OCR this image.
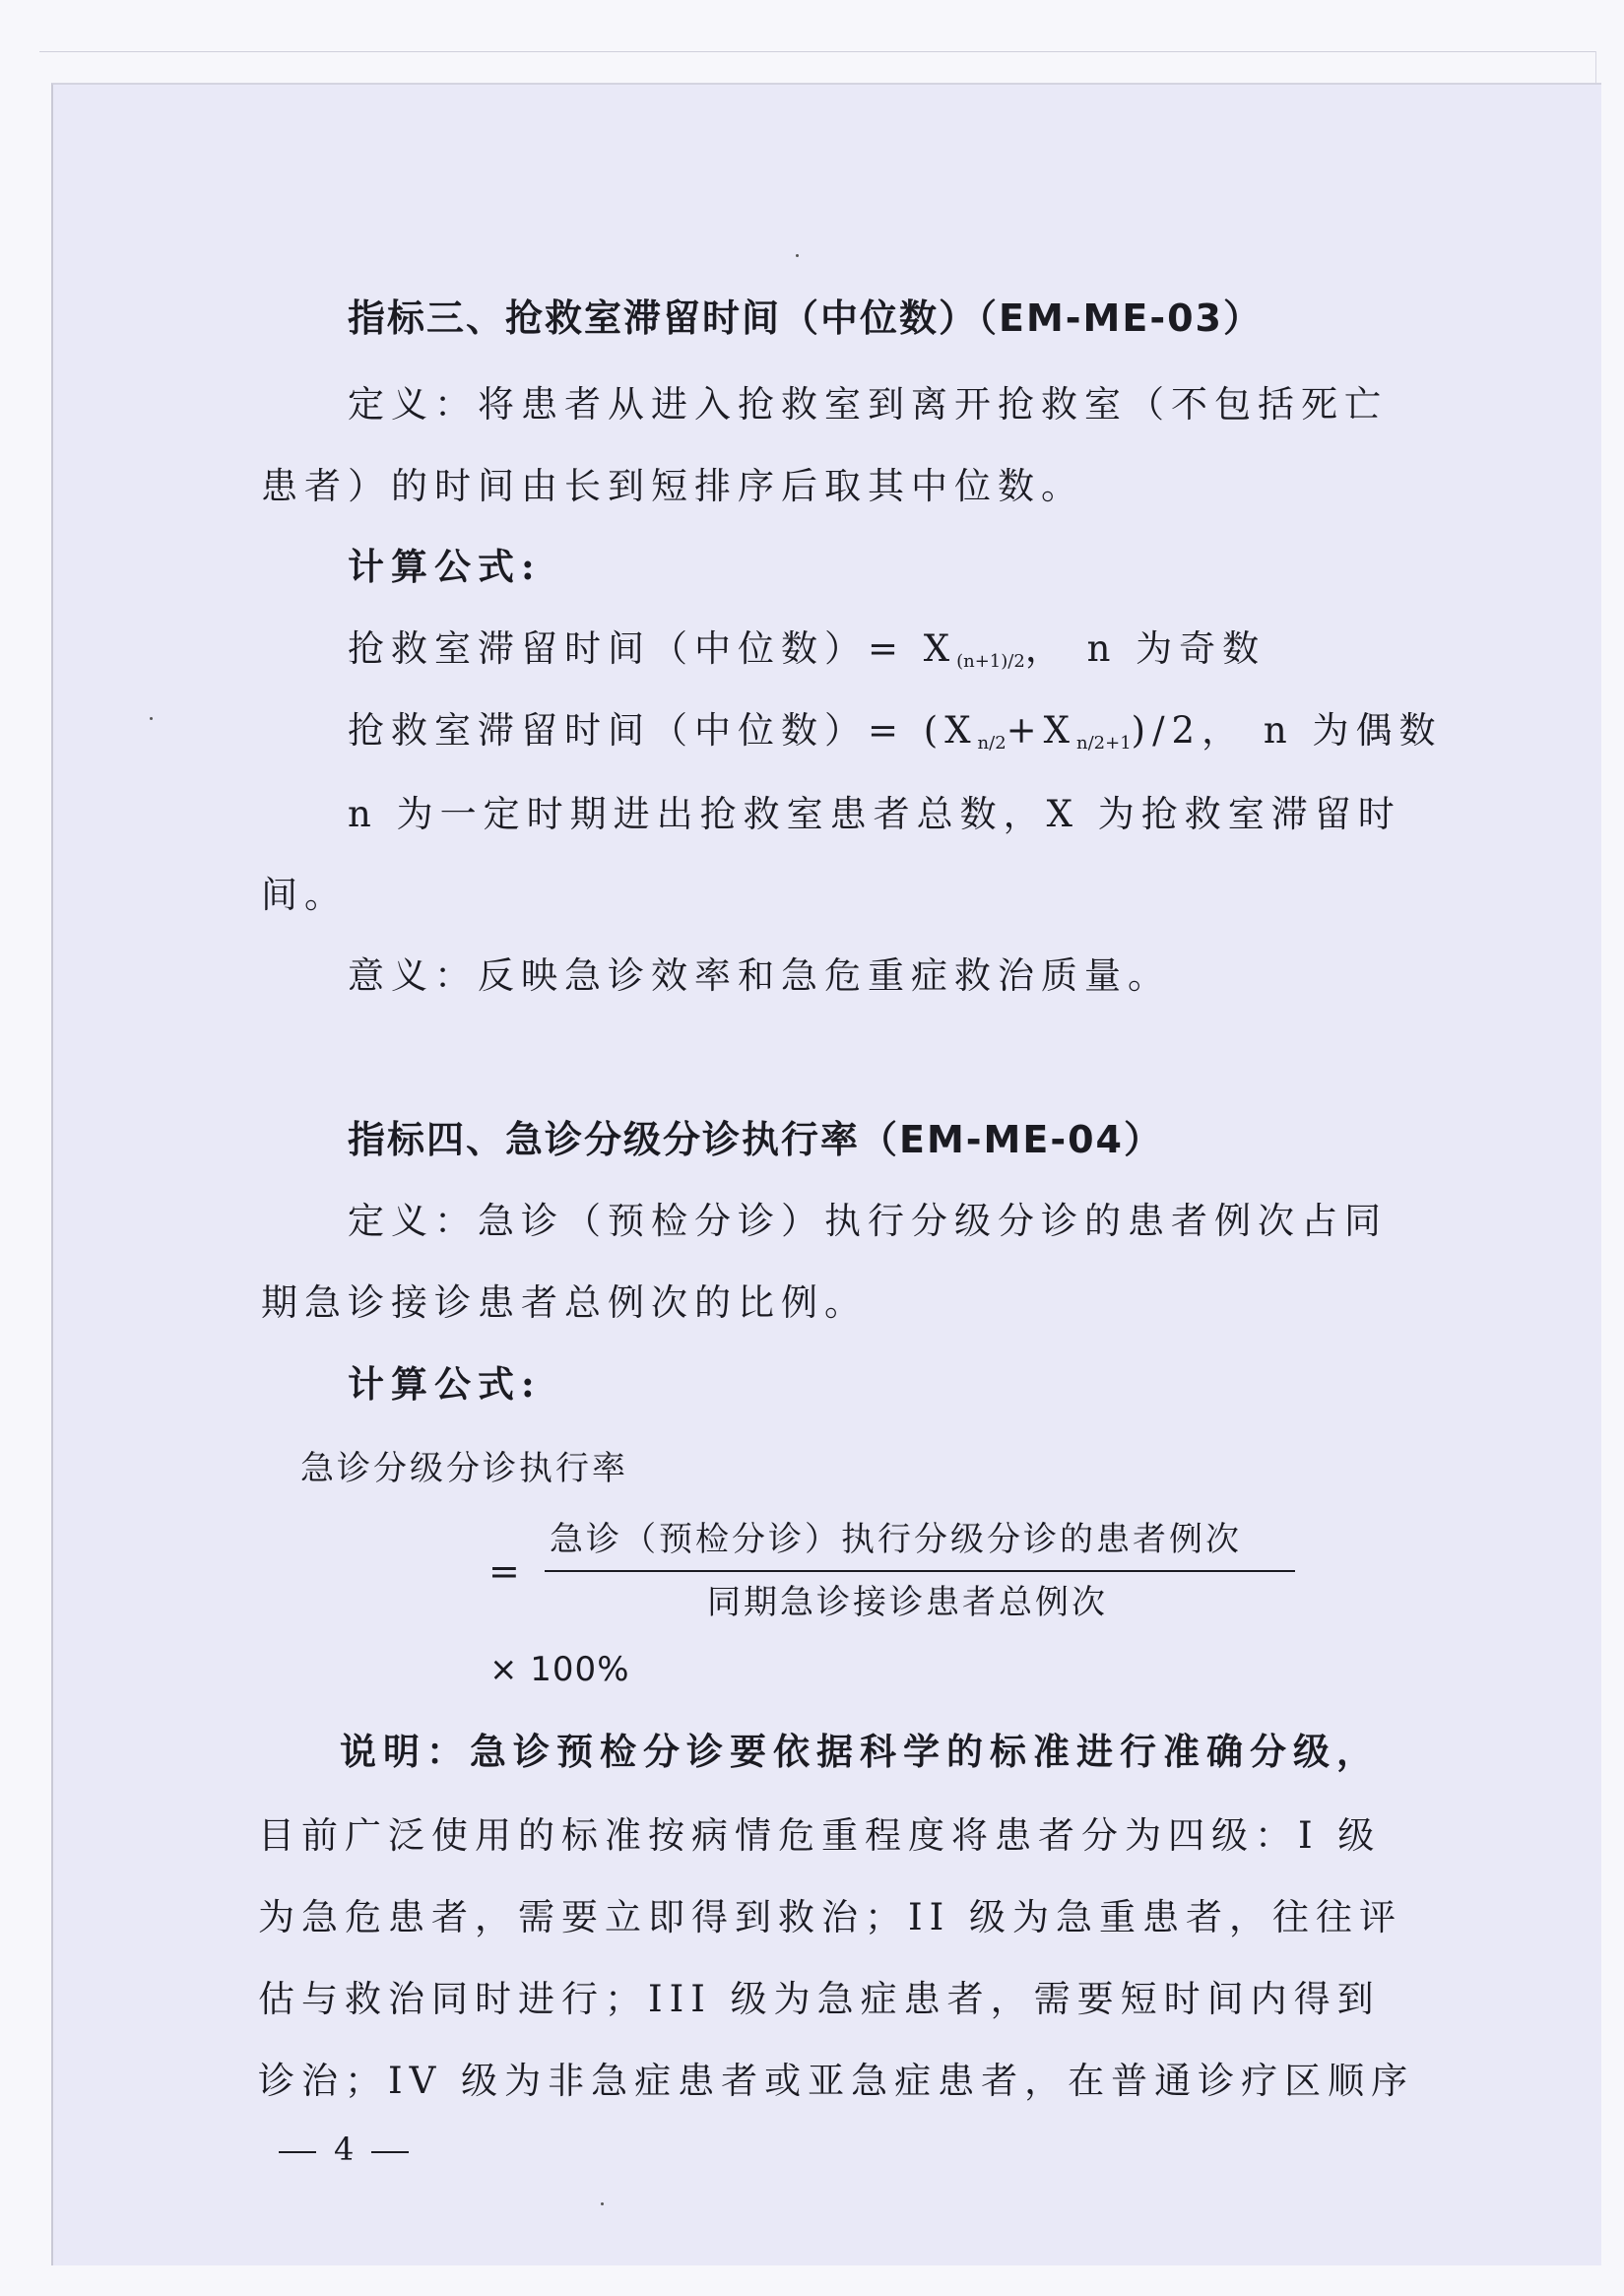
指标三、抢救室滞留时间（中位数）（EM-ME-03）
定义：将患者从进入抢救室到离开抢救室（不包括死亡
患者）的时间由长到短排序后取其中位数。
计算公式:
抢救室滞留时间（中位数）= $X_{(n+1)/2}$， n 为奇数
抢救室滞留时间（中位数）= $(X_{n/2}+X_{n/2+1})/2$， n 为偶数
n 为一定时期进出抢救室患者总数，X 为抢救室滞留时
间。
意义：反映急诊效率和急危重症救治质量。
指标四、急诊分级分诊执行率（EM-ME-04）
定义：急诊（预检分诊）执行分级分诊的患者例次占同
期急诊接诊患者总例次的比例。
计算公式:
急诊分级分诊执行率
=
急诊（预检分诊）执行分级分诊的患者例次
同期急诊接诊患者总例次
× 100%
说明：急诊预检分诊要依据科学的标准进行准确分级，
目前广泛使用的标准按病情危重程度将患者分为四级：I 级
为急危患者，需要立即得到救治；II 级为急重患者，往往评
估与救治同时进行；III 级为急症患者，需要短时间内得到
诊治；IV 级为非急症患者或亚急症患者，在普通诊疗区顺序
4
